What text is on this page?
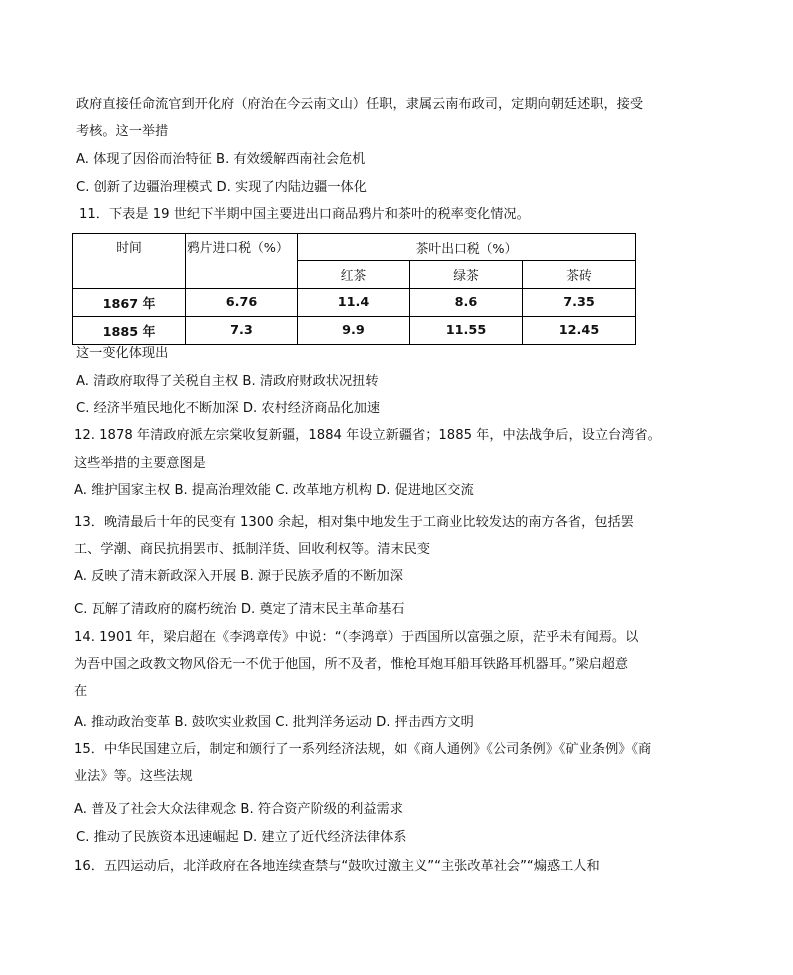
政府直接任命流官到开化府（府治在今云南文山）任职，隶属云南布政司，定期向朝廷述职，接受
考核。这一举措
A. 体现了因俗而治特征 B. 有效缓解西南社会危机
C. 创新了边疆治理模式 D. 实现了内陆边疆一体化
11．下表是 19 世纪下半期中国主要进出口商品鸦片和茶叶的税率变化情况。
时间	鸦片进口税（%）	茶叶出口税（%）		
		红茶	绿茶	茶砖
1867 年	6.76	11.4	8.6	7.35
1885 年	7.3	9.9	11.55	12.45
这一变化体现出
A. 清政府取得了关税自主权 B. 清政府财政状况扭转
C. 经济半殖民地化不断加深 D. 农村经济商品化加速
12. 1878 年清政府派左宗棠收复新疆，1884 年设立新疆省；1885 年，中法战争后，设立台湾省。
这些举措的主要意图是
A. 维护国家主权 B. 提高治理效能 C. 改革地方机构 D. 促进地区交流
13．晚清最后十年的民变有 1300 余起，相对集中地发生于工商业比较发达的南方各省，包括罢
工、学潮、商民抗捐罢市、抵制洋货、回收利权等。清末民变
A. 反映了清末新政深入开展 B. 源于民族矛盾的不断加深
C. 瓦解了清政府的腐朽统治 D. 奠定了清末民主革命基石
14. 1901 年，梁启超在《李鸿章传》中说：“（李鸿章）于西国所以富强之原，茫乎未有闻焉。以
为吾中国之政教文物风俗无一不优于他国，所不及者，惟枪耳炮耳船耳铁路耳机器耳。”梁启超意
在
A. 推动政治变革 B. 鼓吹实业救国 C. 批判洋务运动 D. 抨击西方文明
15．中华民国建立后，制定和颁行了一系列经济法规，如《商人通例》《公司条例》《矿业条例》《商
业法》等。这些法规
A. 普及了社会大众法律观念 B. 符合资产阶级的利益需求
C. 推动了民族资本迅速崛起 D. 建立了近代经济法律体系
16．五四运动后，北洋政府在各地连续查禁与“鼓吹过激主义”“主张改革社会”“煽惑工人和
